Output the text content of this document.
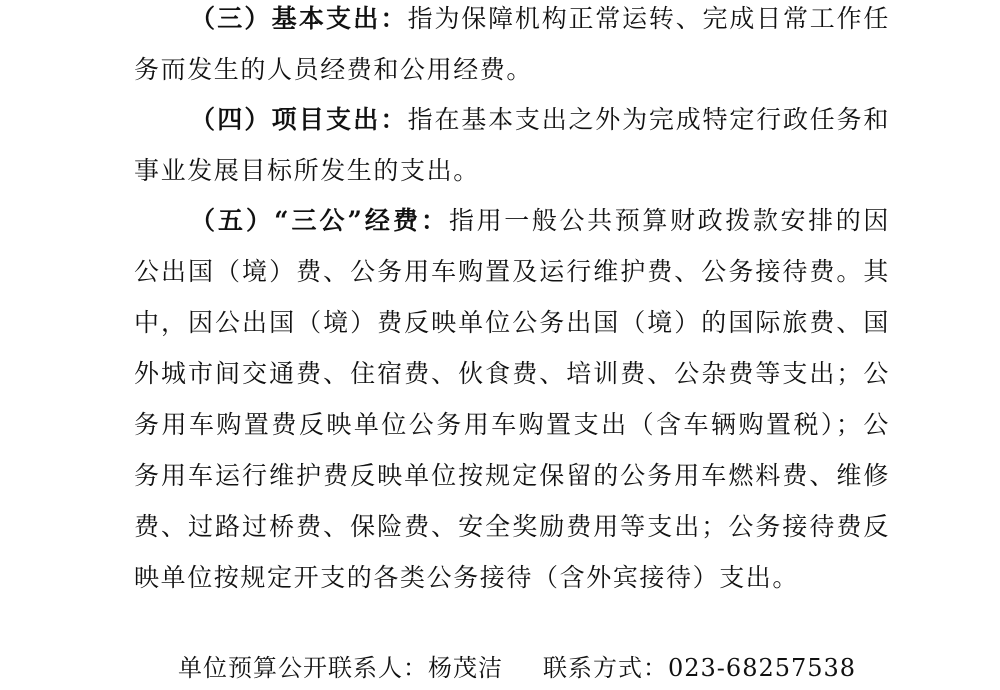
（三）基本支出：指为保障机构正常运转、完成日常工作任务而发生的人员经费和公用经费。

（四）项目支出：指在基本支出之外为完成特定行政任务和事业发展目标所发生的支出。

（五）“三公”经费：指用一般公共预算财政拨款安排的因公出国（境）费、公务用车购置及运行维护费、公务接待费。其中，因公出国（境）费反映单位公务出国（境）的国际旅费、国外城市间交通费、住宿费、伙食费、培训费、公杂费等支出；公务用车购置费反映单位公务用车购置支出（含车辆购置税）；公务用车运行维护费反映单位按规定保留的公务用车燃料费、维修费、过路过桥费、保险费、安全奖励费用等支出；公务接待费反映单位按规定开支的各类公务接待（含外宾接待）支出。

单位预算公开联系人：杨茂洁 联系方式：023-68257538
